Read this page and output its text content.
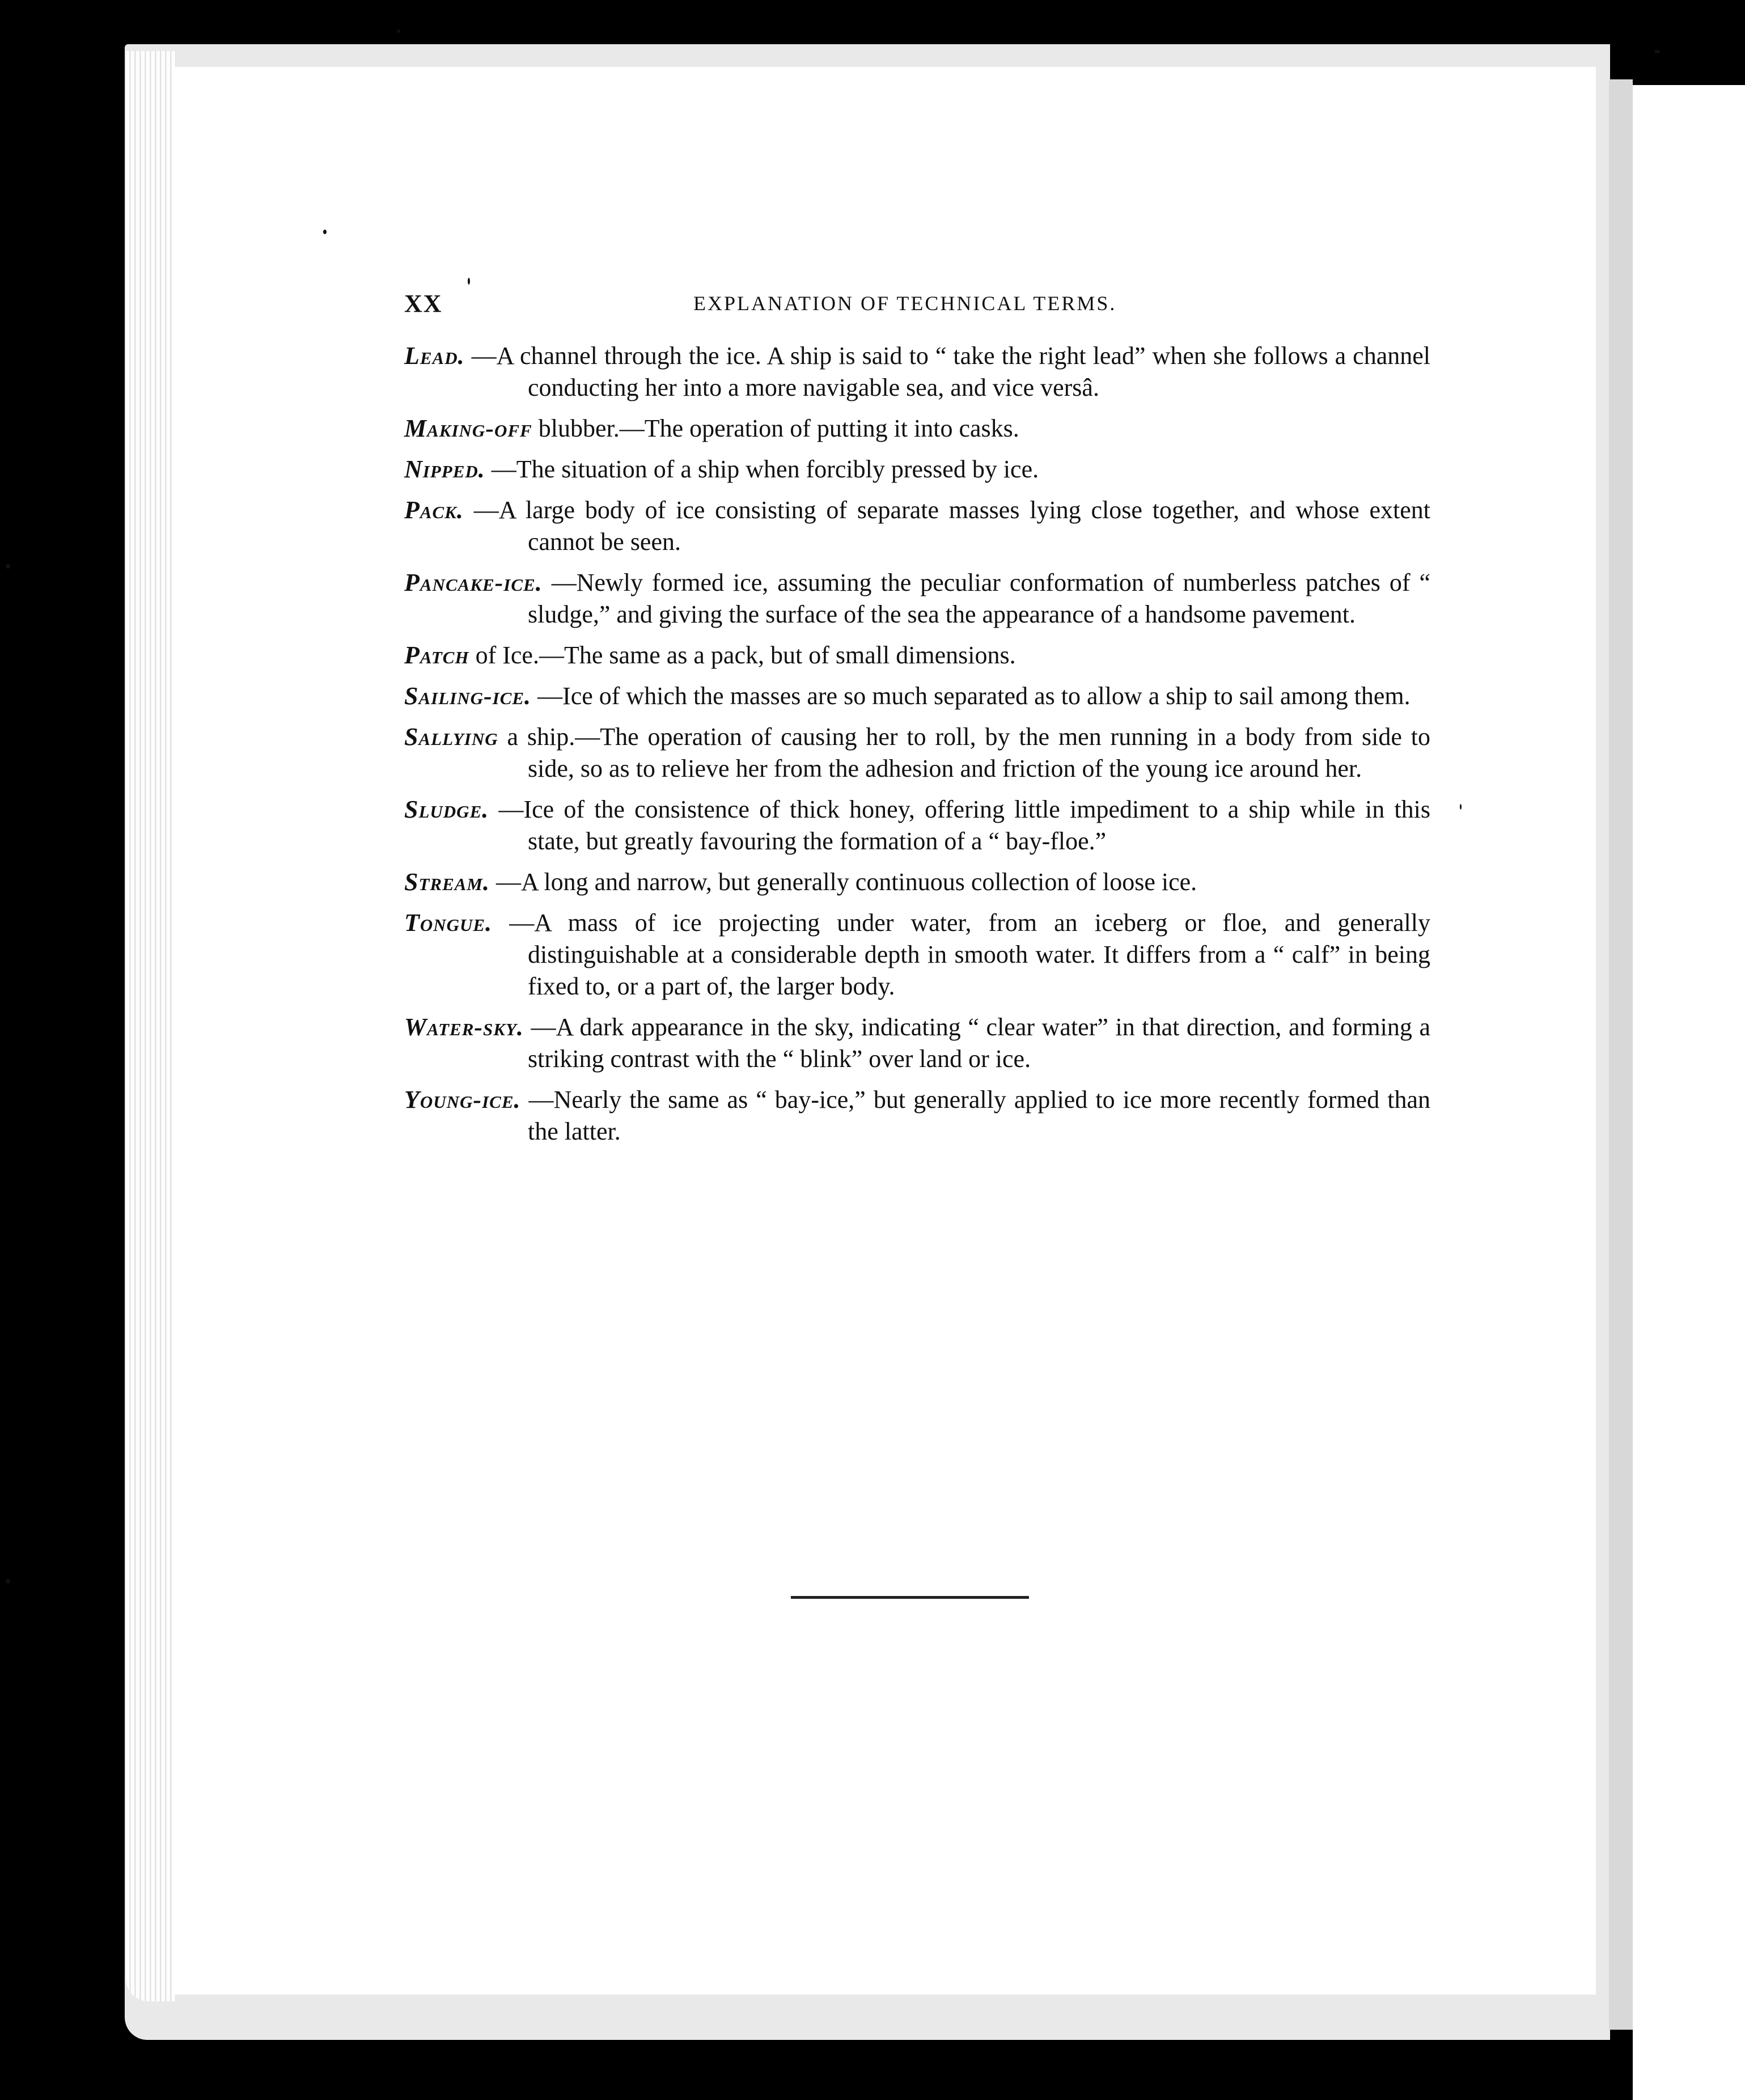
XX	EXPLANATION OF TECHNICAL TERMS.

Lead. —A channel through the ice. A ship is said to “ take the right lead” when she follows a channel conducting her into a more navigable sea, and vice versâ.

Making-off blubber.—The operation of putting it into casks.

Nipped. —The situation of a ship when forcibly pressed by ice.

Pack. —A large body of ice consisting of separate masses lying close together, and whose extent cannot be seen.

Pancake-ice. —Newly formed ice, assuming the peculiar conformation of numberless patches of “ sludge,” and giving the surface of the sea the appearance of a handsome pavement.

Patch of Ice.—The same as a pack, but of small dimensions.

Sailing-ice. —Ice of which the masses are so much separated as to allow a ship to sail among them.

Sallying a ship.—The operation of causing her to roll, by the men running in a body from side to side, so as to relieve her from the adhesion and friction of the young ice around her.

Sludge. —Ice of the consistence of thick honey, offering little impediment to a ship while in this state, but greatly favouring the formation of a “ bay-floe.”

Stream. —A long and narrow, but generally continuous collection of loose ice.

Tongue. —A mass of ice projecting under water, from an iceberg or floe, and generally distinguishable at a considerable depth in smooth water. It differs from a “ calf” in being fixed to, or a part of, the larger body.

Water-sky. —A dark appearance in the sky, indicating “ clear water” in that direction, and forming a striking contrast with the “ blink” over land or ice.

Young-ice. —Nearly the same as “ bay-ice,” but generally applied to ice more recently formed than the latter.
